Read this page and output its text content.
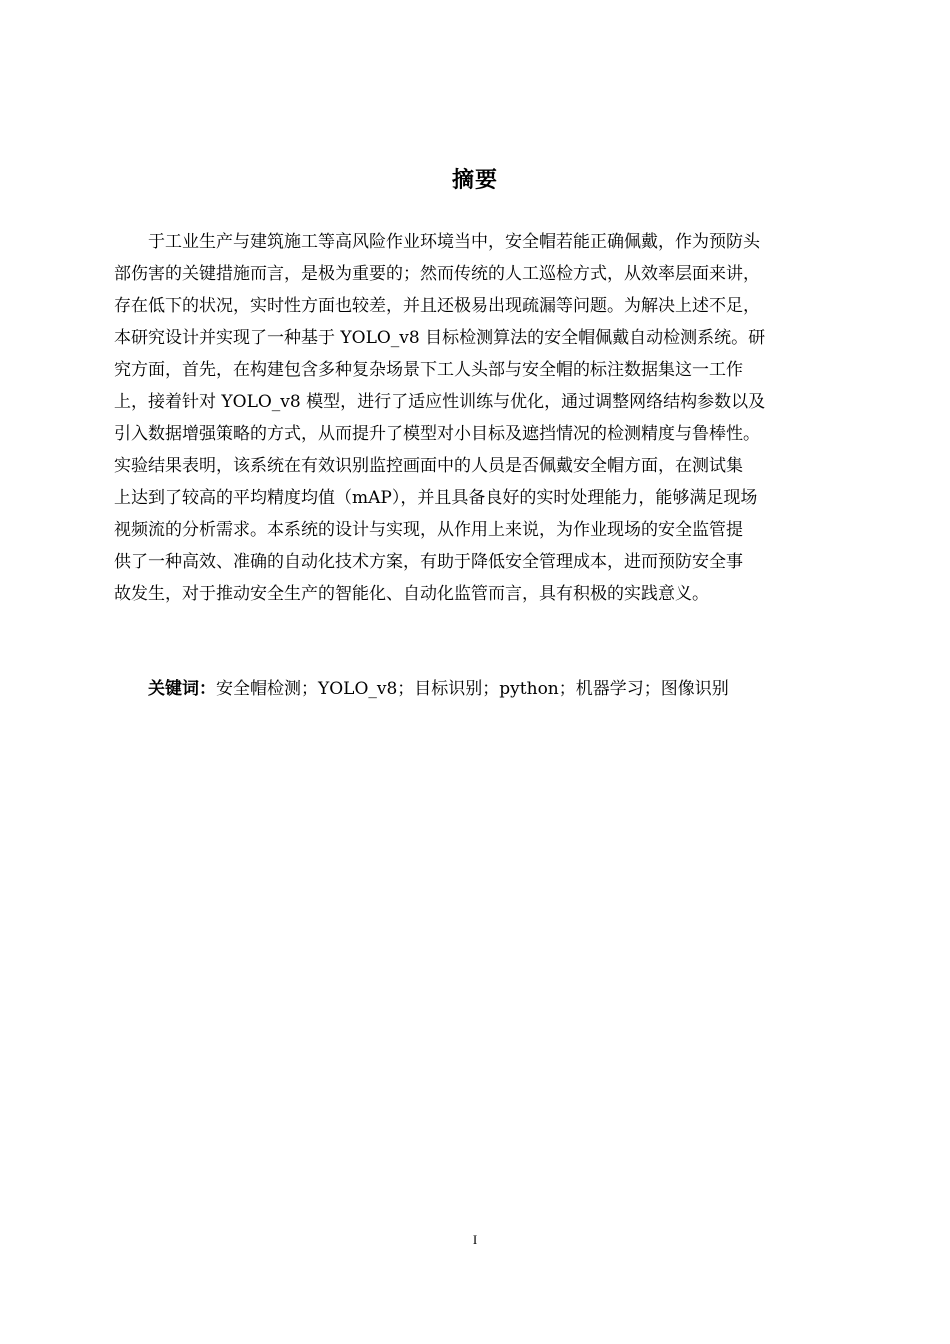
摘要
于工业生产与建筑施工等高风险作业环境当中，安全帽若能正确佩戴，作为预防头
部伤害的关键措施而言，是极为重要的；然而传统的人工巡检方式，从效率层面来讲，
存在低下的状况，实时性方面也较差，并且还极易出现疏漏等问题。为解决上述不足，
本研究设计并实现了一种基于 YOLO_v8 目标检测算法的安全帽佩戴自动检测系统。研
究方面，首先，在构建包含多种复杂场景下工人头部与安全帽的标注数据集这一工作
上，接着针对 YOLO_v8 模型，进行了适应性训练与优化，通过调整网络结构参数以及
引入数据增强策略的方式，从而提升了模型对小目标及遮挡情况的检测精度与鲁棒性。
实验结果表明，该系统在有效识别监控画面中的人员是否佩戴安全帽方面，在测试集
上达到了较高的平均精度均值（mAP），并且具备良好的实时处理能力，能够满足现场
视频流的分析需求。本系统的设计与实现，从作用上来说，为作业现场的安全监管提
供了一种高效、准确的自动化技术方案，有助于降低安全管理成本，进而预防安全事
故发生，对于推动安全生产的智能化、自动化监管而言，具有积极的实践意义。
关键词：安全帽检测；YOLO_v8；目标识别；python；机器学习；图像识别
I
